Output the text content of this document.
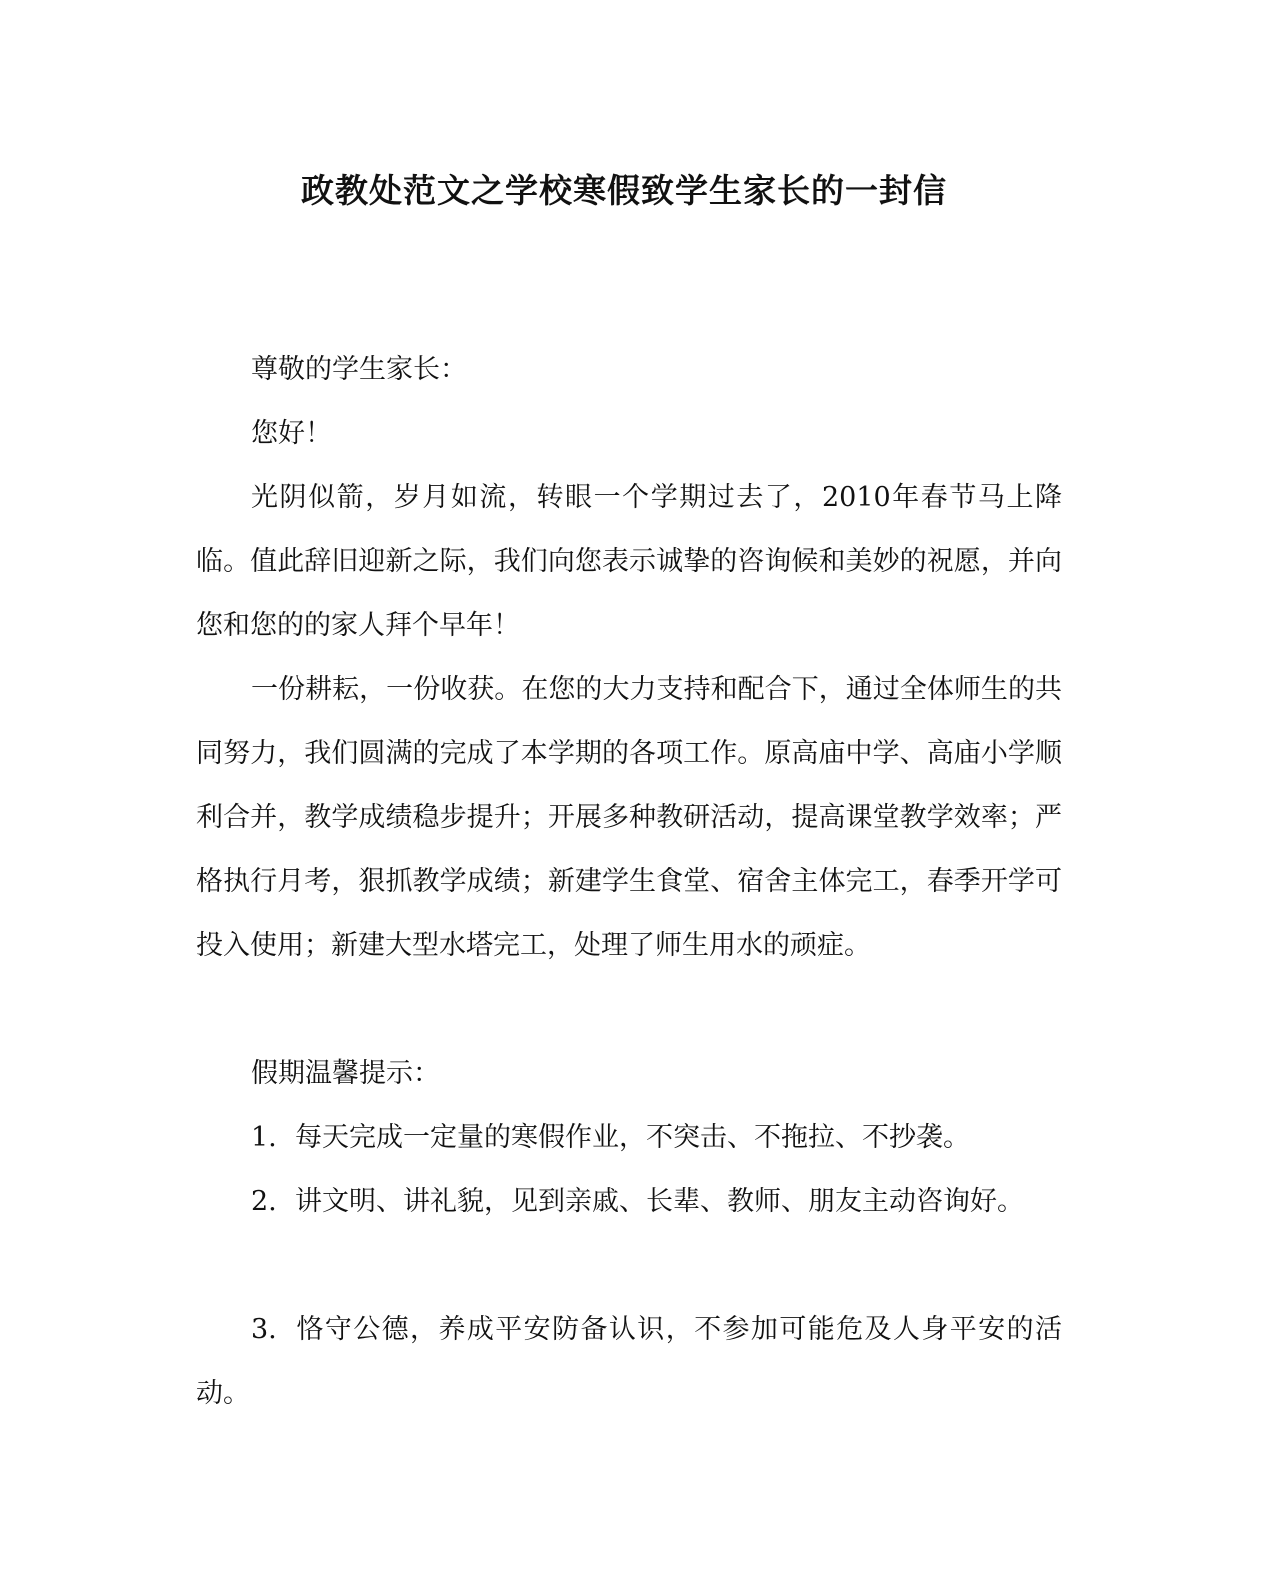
政教处范文之学校寒假致学生家长的一封信

尊敬的学生家长：

您好！

光阴似箭，岁月如流，转眼一个学期过去了，2010年春节马上降临。值此辞旧迎新之际，我们向您表示诚挚的咨询候和美妙的祝愿，并向您和您的的家人拜个早年！

一份耕耘，一份收获。在您的大力支持和配合下，通过全体师生的共同努力，我们圆满的完成了本学期的各项工作。原高庙中学、高庙小学顺利合并，教学成绩稳步提升；开展多种教研活动，提高课堂教学效率；严格执行月考，狠抓教学成绩；新建学生食堂、宿舍主体完工，春季开学可投入使用；新建大型水塔完工，处理了师生用水的顽症。

假期温馨提示：

1. 每天完成一定量的寒假作业，不突击、不拖拉、不抄袭。

2. 讲文明、讲礼貌，见到亲戚、长辈、教师、朋友主动咨询好。

3. 恪守公德，养成平安防备认识，不参加可能危及人身平安的活动。
